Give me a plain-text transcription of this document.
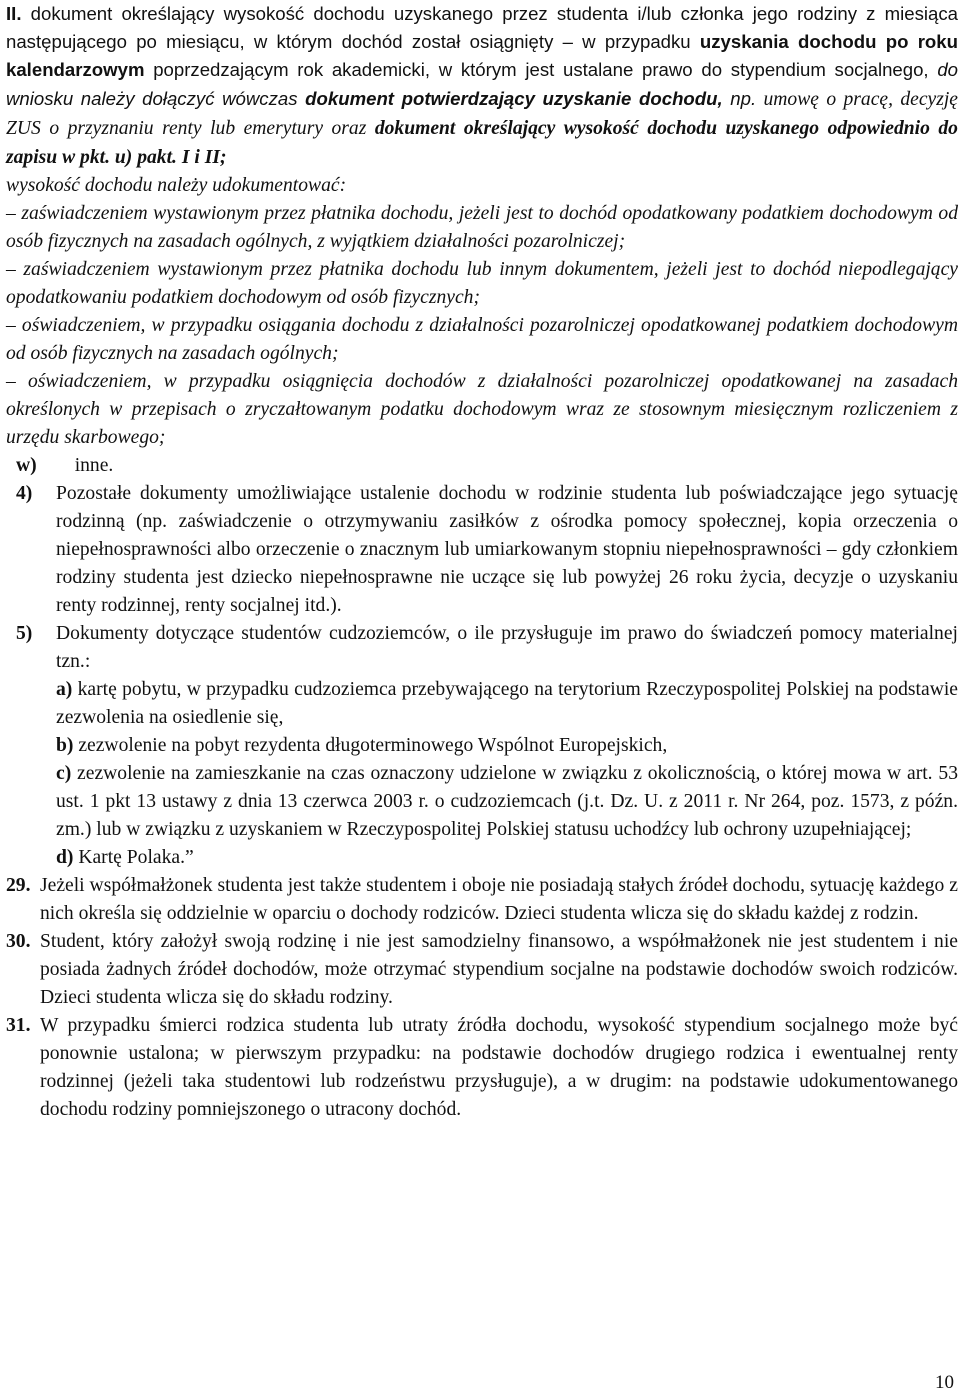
II. dokument określający wysokość dochodu uzyskanego przez studenta i/lub członka jego rodziny z miesiąca następującego po miesiącu, w którym dochód został osiągnięty – w przypadku uzyskania dochodu po roku kalendarzowym poprzedzającym rok akademicki, w którym jest ustalane prawo do stypendium socjalnego, do wniosku należy dołączyć wówczas dokument potwierdzający uzyskanie dochodu, np. umowę o pracę, decyzję ZUS o przyznaniu renty lub emerytury oraz dokument określający wysokość dochodu uzyskanego odpowiednio do zapisu w pkt. u) pakt. I i II;

wysokość dochodu należy udokumentować:

– zaświadczeniem wystawionym przez płatnika dochodu, jeżeli jest to dochód opodatkowany podatkiem dochodowym od osób fizycznych na zasadach ogólnych, z wyjątkiem działalności pozarolniczej;

– zaświadczeniem wystawionym przez płatnika dochodu lub innym dokumentem, jeżeli jest to dochód niepodlegający opodatkowaniu podatkiem dochodowym od osób fizycznych;

– oświadczeniem, w przypadku osiągania dochodu z działalności pozarolniczej opodatkowanej podatkiem dochodowym od osób fizycznych na zasadach ogólnych;

– oświadczeniem, w przypadku osiągnięcia dochodów z działalności pozarolniczej opodatkowanej na zasadach określonych w przepisach o zryczałtowanym podatku dochodowym wraz ze stosownym miesięcznym rozliczeniem z urzędu skarbowego;

w) inne.

4)	Pozostałe dokumenty umożliwiające ustalenie dochodu w rodzinie studenta lub poświadczające jego sytuację rodzinną (np. zaświadczenie o otrzymywaniu zasiłków z ośrodka pomocy społecznej, kopia orzeczenia o niepełnosprawności albo orzeczenie o znacznym lub umiarkowanym stopniu niepełnosprawności – gdy członkiem rodziny studenta jest dziecko niepełnosprawne nie uczące się lub powyżej 26 roku życia, decyzje o uzyskaniu renty rodzinnej, renty socjalnej itd.).
5)	Dokumenty dotyczące studentów cudzoziemców, o ile przysługuje im prawo do świadczeń pomocy materialnej tzn.:

a) kartę pobytu, w przypadku cudzoziemca przebywającego na terytorium Rzeczypospolitej Polskiej na podstawie zezwolenia na osiedlenie się,

b) zezwolenie na pobyt rezydenta długoterminowego Wspólnot Europejskich,

c) zezwolenie na zamieszkanie na czas oznaczony udzielone w związku z okolicznością, o której mowa w art. 53 ust. 1 pkt 13 ustawy z dnia 13 czerwca 2003 r. o cudzoziemcach (j.t. Dz. U. z 2011 r. Nr 264, poz. 1573, z późn. zm.) lub w związku z uzyskaniem w Rzeczypospolitej Polskiej statusu uchodźcy lub ochrony uzupełniającej;

d) Kartę Polaka.”

29. Jeżeli współmałżonek studenta jest także studentem i oboje nie posiadają stałych źródeł dochodu, sytuację każdego z nich określa się oddzielnie w oparciu o dochody rodziców. Dzieci studenta wlicza się do składu każdej z rodzin.
30. Student, który założył swoją rodzinę i nie jest samodzielny finansowo, a współmałżonek nie jest studentem i nie posiada żadnych źródeł dochodów, może otrzymać stypendium socjalne na podstawie dochodów swoich rodziców. Dzieci studenta wlicza się do składu rodziny.
31. W przypadku śmierci rodzica studenta lub utraty źródła dochodu, wysokość stypendium socjalnego może być ponownie ustalona; w pierwszym przypadku: na podstawie dochodów drugiego rodzica i ewentualnej renty rodzinnej (jeżeli taka studentowi lub rodzeństwu przysługuje), a w drugim: na podstawie udokumentowanego dochodu rodziny pomniejszonego o utracony dochód.
10
